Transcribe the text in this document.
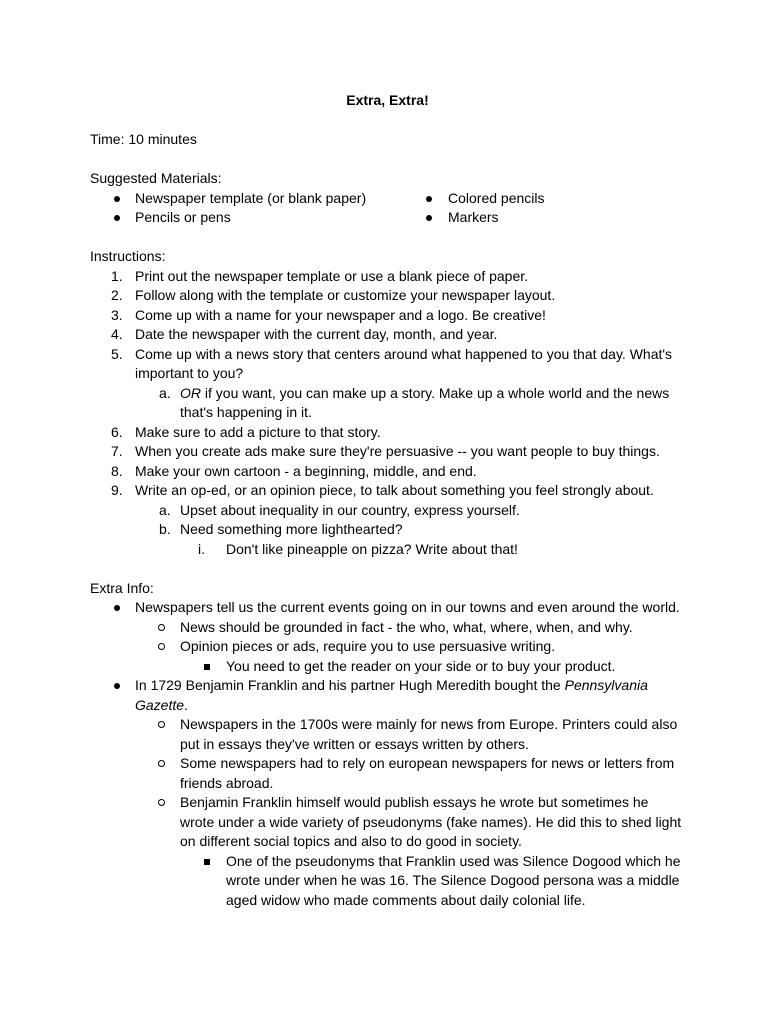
Extra, Extra!

Time: 10 minutes

Suggested Materials:

Newspaper template (or blank paper)
Pencils or pens
Colored pencils
Markers

Instructions:

1. Print out the newspaper template or use a blank piece of paper.
2. Follow along with the template or customize your newspaper layout.
3. Come up with a name for your newspaper and a logo. Be creative!
4. Date the newspaper with the current day, month, and year.
5. Come up with a news story that centers around what happened to you that day. What's important to you?
a. OR if you want, you can make up a story. Make up a whole world and the news that's happening in it.
6. Make sure to add a picture to that story.
7. When you create ads make sure they're persuasive -- you want people to buy things.
8. Make your own cartoon - a beginning, middle, and end.
9. Write an op-ed, or an opinion piece, to talk about something you feel strongly about.
a. Upset about inequality in our country, express yourself.
b. Need something more lighthearted?
i. Don't like pineapple on pizza? Write about that!

Extra Info:

Newspapers tell us the current events going on in our towns and even around the world.
News should be grounded in fact - the who, what, where, when, and why.
Opinion pieces or ads, require you to use persuasive writing.
You need to get the reader on your side or to buy your product.
In 1729 Benjamin Franklin and his partner Hugh Meredith bought the Pennsylvania Gazette.
Newspapers in the 1700s were mainly for news from Europe. Printers could also put in essays they've written or essays written by others.
Some newspapers had to rely on european newspapers for news or letters from friends abroad.
Benjamin Franklin himself would publish essays he wrote but sometimes he wrote under a wide variety of pseudonyms (fake names). He did this to shed light on different social topics and also to do good in society.
One of the pseudonyms that Franklin used was Silence Dogood which he wrote under when he was 16. The Silence Dogood persona was a middle aged widow who made comments about daily colonial life.
